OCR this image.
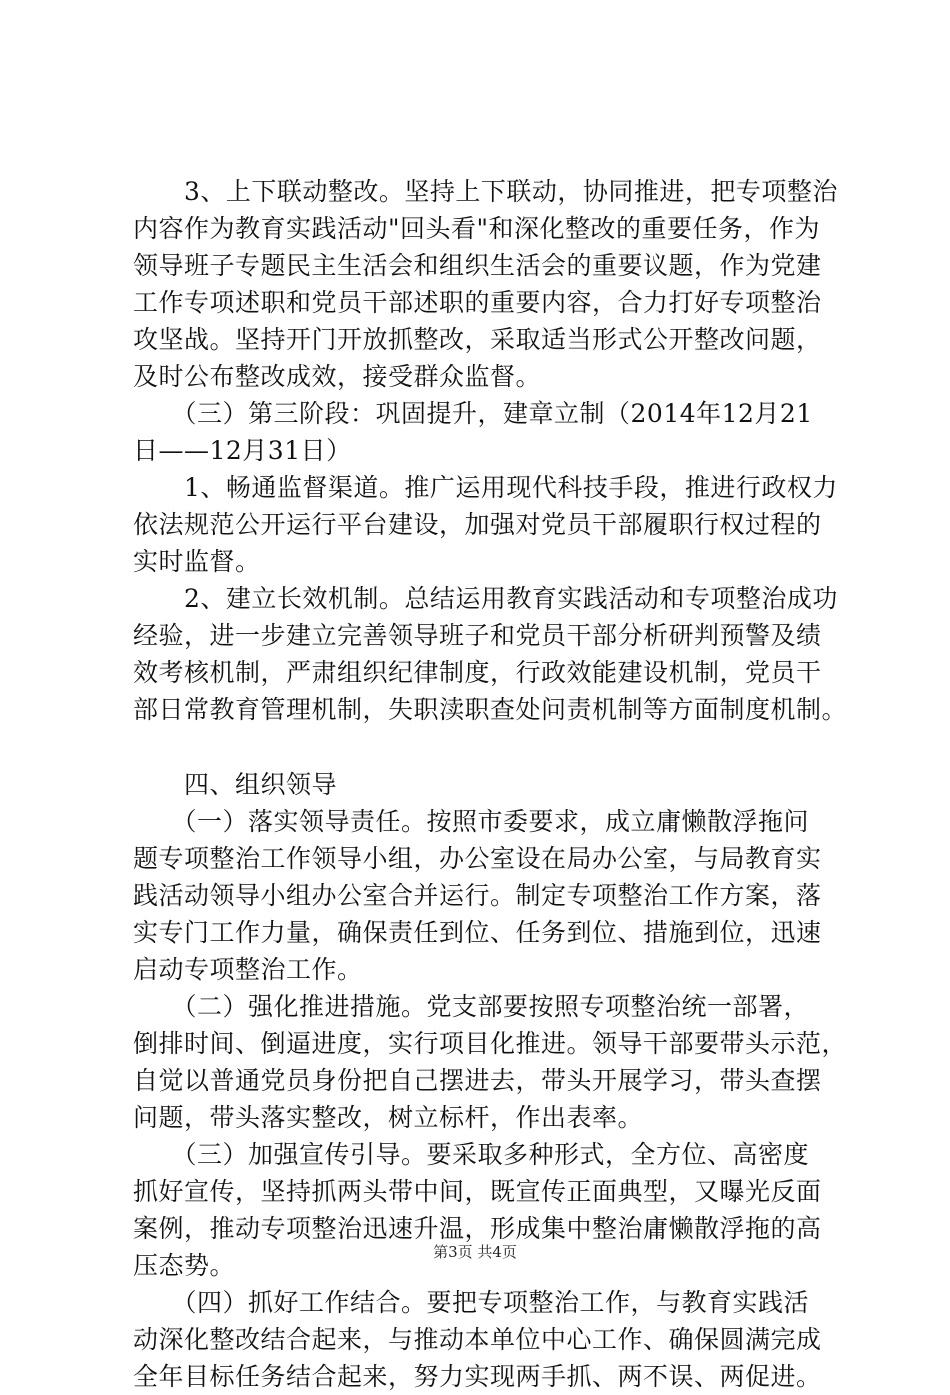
　　3、上下联动整改。坚持上下联动，协同推进，把专项整治
内容作为教育实践活动"回头看"和深化整改的重要任务，作为
领导班子专题民主生活会和组织生活会的重要议题，作为党建
工作专项述职和党员干部述职的重要内容，合力打好专项整治
攻坚战。坚持开门开放抓整改，采取适当形式公开整改问题，
及时公布整改成效，接受群众监督。
　　（三）第三阶段：巩固提升，建章立制（2014年12月21
日——12月31日）
　　1、畅通监督渠道。推广运用现代科技手段，推进行政权力
依法规范公开运行平台建设，加强对党员干部履职行权过程的
实时监督。
　　2、建立长效机制。总结运用教育实践活动和专项整治成功
经验，进一步建立完善领导班子和党员干部分析研判预警及绩
效考核机制，严肃组织纪律制度，行政效能建设机制，党员干
部日常教育管理机制，失职渎职查处问责机制等方面制度机制。
　　四、组织领导
　　（一）落实领导责任。按照市委要求，成立庸懒散浮拖问
题专项整治工作领导小组，办公室设在局办公室，与局教育实
践活动领导小组办公室合并运行。制定专项整治工作方案，落
实专门工作力量，确保责任到位、任务到位、措施到位，迅速
启动专项整治工作。
　　（二）强化推进措施。党支部要按照专项整治统一部署，
倒排时间、倒逼进度，实行项目化推进。领导干部要带头示范，
自觉以普通党员身份把自己摆进去，带头开展学习，带头查摆
问题，带头落实整改，树立标杆，作出表率。
　　（三）加强宣传引导。要采取多种形式，全方位、高密度
抓好宣传，坚持抓两头带中间，既宣传正面典型，又曝光反面
案例，推动专项整治迅速升温，形成集中整治庸懒散浮拖的高
压态势。
　　（四）抓好工作结合。要把专项整治工作，与教育实践活
动深化整改结合起来，与推动本单位中心工作、确保圆满完成
全年目标任务结合起来，努力实现两手抓、两不误、两促进。
第3页 共4页
